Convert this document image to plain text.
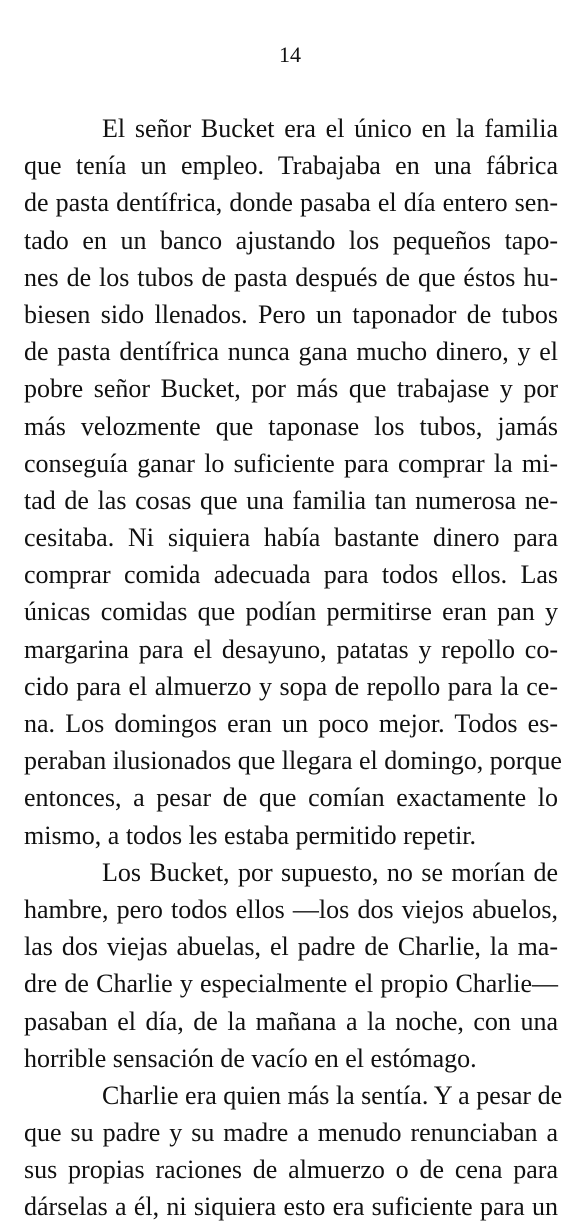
14
El señor Bucket era el único en la familia
que tenía un empleo. Trabajaba en una fábrica
de pasta dentífrica, donde pasaba el día entero sen-
tado en un banco ajustando los pequeños tapo-
nes de los tubos de pasta después de que éstos hu-
biesen sido llenados. Pero un taponador de tubos
de pasta dentífrica nunca gana mucho dinero, y el
pobre señor Bucket, por más que trabajase y por
más velozmente que taponase los tubos, jamás
conseguía ganar lo suficiente para comprar la mi-
tad de las cosas que una familia tan numerosa ne-
cesitaba. Ni siquiera había bastante dinero para
comprar comida adecuada para todos ellos. Las
únicas comidas que podían permitirse eran pan y
margarina para el desayuno, patatas y repollo co-
cido para el almuerzo y sopa de repollo para la ce-
na. Los domingos eran un poco mejor. Todos es-
peraban ilusionados que llegara el domingo, porque
entonces, a pesar de que comían exactamente lo
mismo, a todos les estaba permitido repetir.
Los Bucket, por supuesto, no se morían de
hambre, pero todos ellos —los dos viejos abuelos,
las dos viejas abuelas, el padre de Charlie, la ma-
dre de Charlie y especialmente el propio Charlie—
pasaban el día, de la mañana a la noche, con una
horrible sensación de vacío en el estómago.
Charlie era quien más la sentía. Y a pesar de
que su padre y su madre a menudo renunciaban a
sus propias raciones de almuerzo o de cena para
dárselas a él, ni siquiera esto era suficiente para un
